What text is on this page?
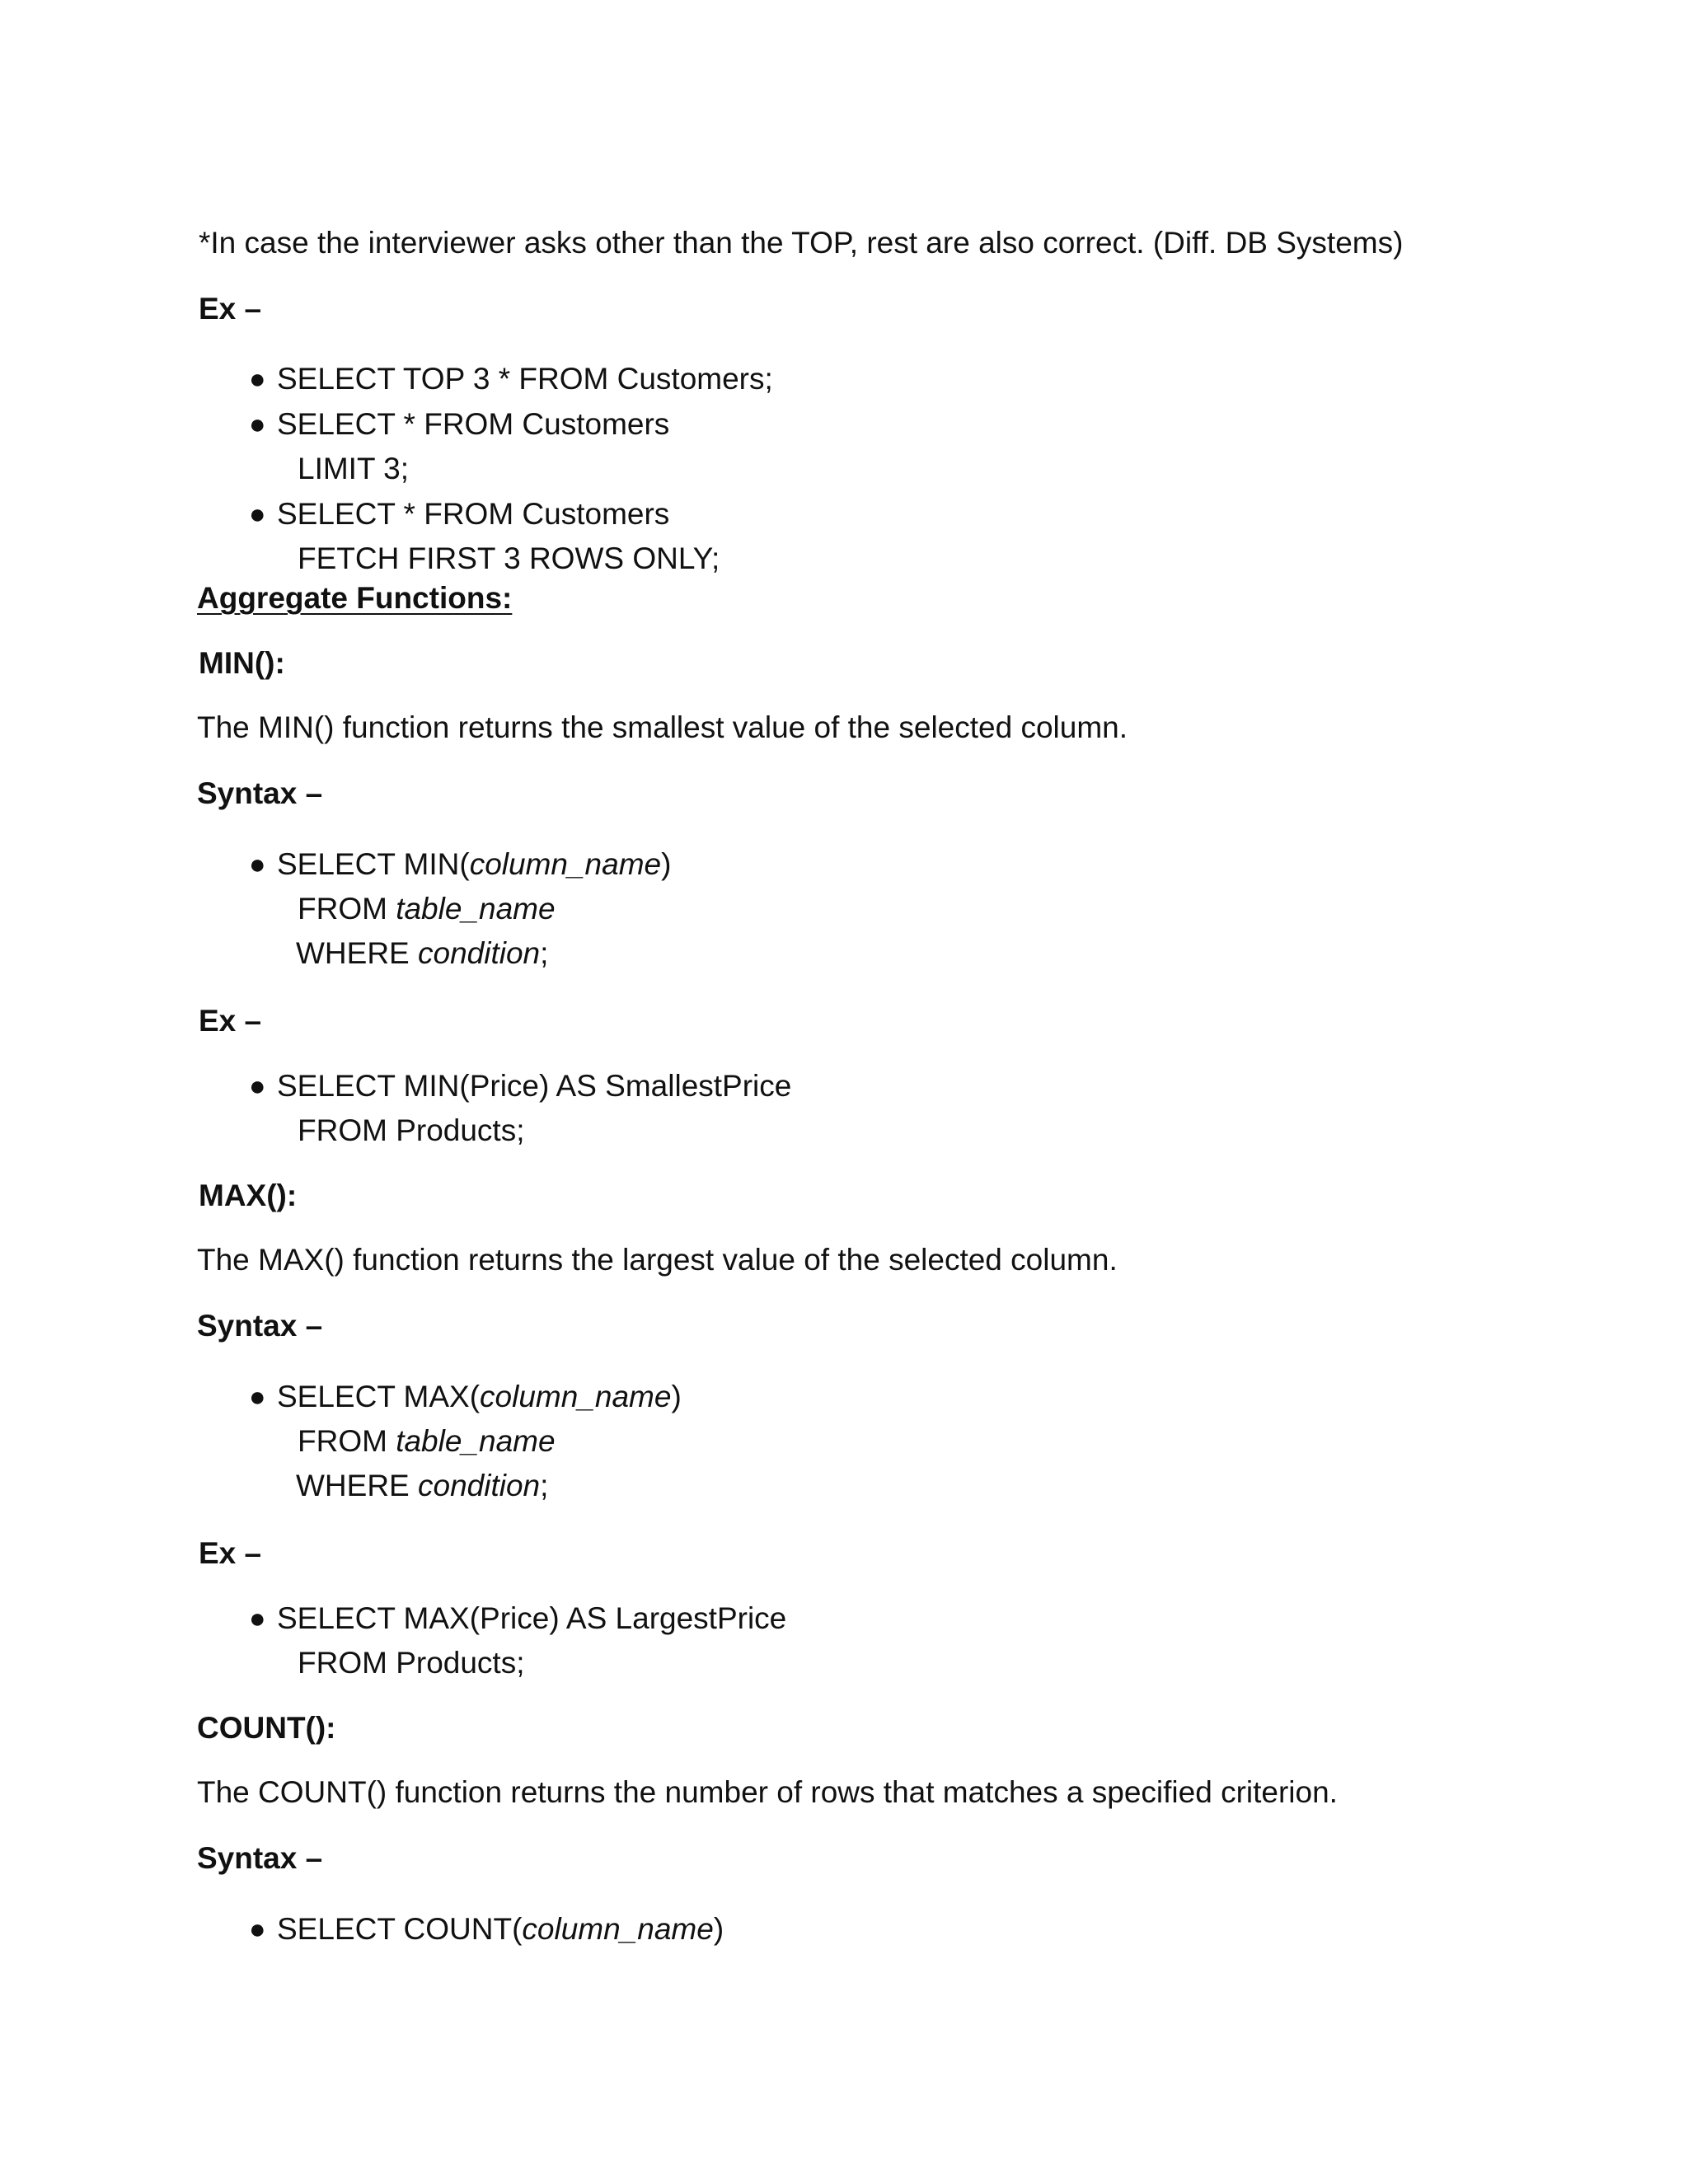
*In case the interviewer asks other than the TOP, rest are also correct. (Diff. DB Systems)
Ex –
● SELECT TOP 3 * FROM Customers;
● SELECT * FROM Customers
LIMIT 3;
● SELECT * FROM Customers
FETCH FIRST 3 ROWS ONLY;
Aggregate Functions:
MIN():
The MIN() function returns the smallest value of the selected column.
Syntax –
● SELECT MIN(column_name)
FROM table_name
WHERE condition;
Ex –
● SELECT MIN(Price) AS SmallestPrice
FROM Products;
MAX():
The MAX() function returns the largest value of the selected column.
Syntax –
● SELECT MAX(column_name)
FROM table_name
WHERE condition;
Ex –
● SELECT MAX(Price) AS LargestPrice
FROM Products;
COUNT():
The COUNT() function returns the number of rows that matches a specified criterion.
Syntax –
● SELECT COUNT(column_name)
